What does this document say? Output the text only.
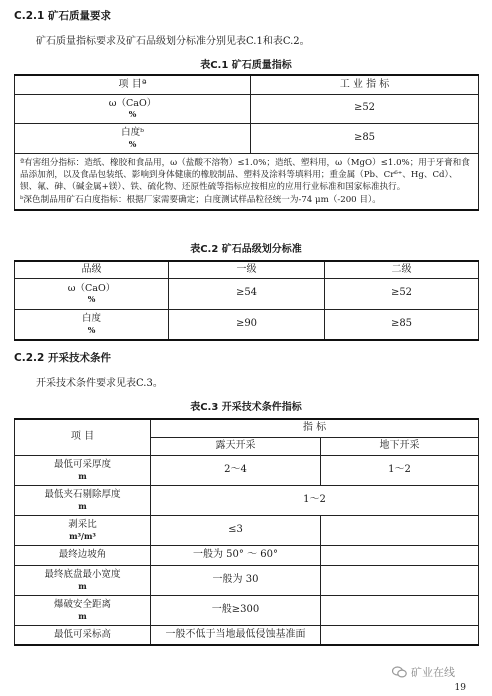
C.2.1 矿石质量要求
矿石质量指标要求及矿石品级划分标准分别见表C.1和表C.2。
表C.1 矿石质量指标
项 目ª	工 业 指 标

ω（CaO）
%	≥52

白度ᵇ
%	≥85

ª有害组分指标：造纸、橡胶和食品用，ω（盐酸不溶物）≤1.0%；造纸、塑料用，ω（MgO）≤1.0%；用于牙膏和食品添加剂，以及食品包装纸、影响到身体健康的橡胶制品、塑料及涂料等填料用；重金属（Pb、Cr⁶⁺、Hg、Cd）、钡、氟、砷、（碱金属+镁）、铁、硫化物、还原性硫等指标应按相应的应用行业标准和国家标准执行。

ᵇ深色制品用矿石白度指标：根据厂家需要确定；白度测试样品粒径统一为-74 μm（-200 目）。	

表C.2 矿石品级划分标准
品级	一级	二级

ω（CaO）
%	≥54	≥52

白度
%	≥90	≥85
C.2.2 开采技术条件
开采技术条件要求见表C.3。
表C.3 开采技术条件指标
项 目	指 标	
	露天开采	地下开采

最低可采厚度
m	2～4	1～2

最低夹石剔除厚度
m	1～2	

剥采比
m³/m³	≤3	

最终边坡角	一般为 50° ～ 60°	

最终底盘最小宽度
m	一般为 30	

爆破安全距离
m	一般≥300	

最低可采标高	一般不低于当地最低侵蚀基准面	
矿业在线
19
